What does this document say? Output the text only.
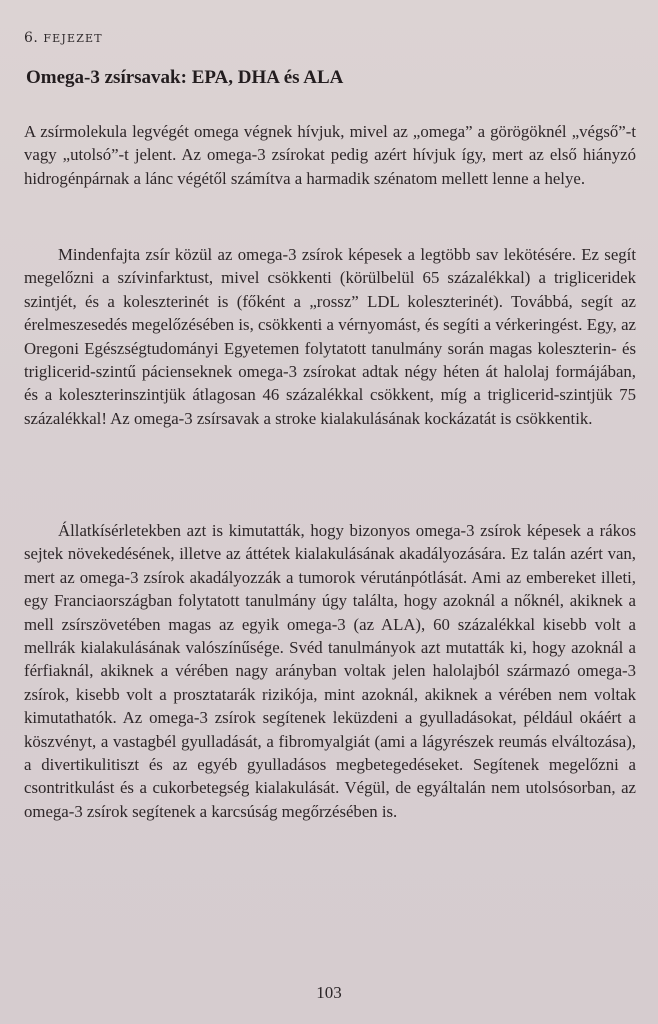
6. FEJEZET
Omega-3 zsírsavak: EPA, DHA és ALA
A zsírmolekula legvégét omega végnek hívjuk, mivel az „omega” a görögöknél „végső”-t vagy „utolsó”-t jelent. Az omega-3 zsírokat pedig azért hívjuk így, mert az első hiányzó hidrogénpárnak a lánc végétől számítva a harmadik szénatom mellett lenne a helye.
Mindenfajta zsír közül az omega-3 zsírok képesek a legtöbb sav lekötésére. Ez segít megelőzni a szívinfarktust, mivel csökkenti (körülbelül 65 százalékkal) a trigliceridek szintjét, és a koleszterinét is (főként a „rossz” LDL koleszterinét). Továbbá, segít az érelmeszesedés megelőzésében is, csökkenti a vérnyomást, és segíti a vérkeringést. Egy, az Oregoni Egészségtudományi Egyetemen folytatott tanulmány során magas koleszterin- és triglicerid-szintű pácienseknek omega-3 zsírokat adtak négy héten át halolaj formájában, és a koleszterinszintjük átlagosan 46 százalékkal csökkent, míg a triglicerid-szintjük 75 százalékkal! Az omega-3 zsírsavak a stroke kialakulásának kockázatát is csökkentik.
Állatkísérletekben azt is kimutatták, hogy bizonyos omega-3 zsírok képesek a rákos sejtek növekedésének, illetve az áttétek kialakulásának akadályozására. Ez talán azért van, mert az omega-3 zsírok akadályozzák a tumorok vérutánpótlását. Ami az embereket illeti, egy Franciaországban folytatott tanulmány úgy találta, hogy azoknál a nőknél, akiknek a mell zsírszövetében magas az egyik omega-3 (az ALA), 60 százalékkal kisebb volt a mellrák kialakulásának valószínűsége. Svéd tanulmányok azt mutatták ki, hogy azoknál a férfiaknál, akiknek a vérében nagy arányban voltak jelen halolajból származó omega-3 zsírok, kisebb volt a prosztatarák rizikója, mint azoknál, akiknek a vérében nem voltak kimutathatók. Az omega-3 zsírok segítenek leküzdeni a gyulladásokat, például okáért a köszvényt, a vastagbél gyulladását, a fibromyalgiát (ami a lágyrészek reumás elváltozása), a divertikulitiszt és az egyéb gyulladásos megbetegedéseket. Segítenek megelőzni a csontritkulást és a cukorbetegség kialakulását. Végül, de egyáltalán nem utolsósorban, az omega-3 zsírok segítenek a karcsúság megőrzésében is.
103
